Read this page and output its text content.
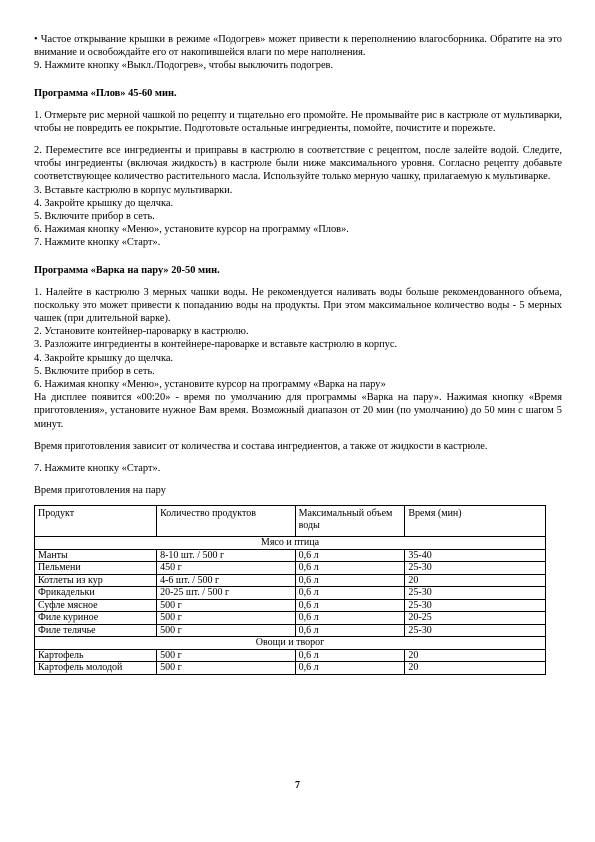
• Частое открывание крышки в режиме «Подогрев» может привести к переполнению влагосборника. Обратите на это внимание и освобождайте его от накопившейся влаги по мере наполнения.

9. Нажмите кнопку «Выкл./Подогрев», чтобы выключить подогрев.

Программа «Плов» 45-60 мин.

1. Отмерьте рис мерной чашкой по рецепту и тщательно его промойте. Не промывайте рис в кастрюле от мультиварки, чтобы не повредить ее покрытие. Подготовьте остальные ингредиенты, помойте, почистите и порежьте.

2. Переместите все ингредиенты и приправы в кастрюлю в соответствие с рецептом, после залейте водой. Следите, чтобы ингредиенты (включая жидкость) в кастрюле были ниже максимального уровня. Согласно рецепту добавьте соответствующее количество растительного масла. Используйте только мерную чашку, прилагаемую к мультиварке.

3. Вставьте кастрюлю в корпус мультиварки.

4. Закройте крышку до щелчка.

5. Включите прибор в сеть.

6. Нажимая кнопку «Меню», установите курсор на программу «Плов».

7. Нажмите кнопку «Старт».

Программа «Варка на пару» 20-50 мин.

1. Налейте в кастрюлю 3 мерных чашки воды. Не рекомендуется наливать воды больше рекомендованного объема, поскольку это может привести к попаданию воды на продукты. При этом максимальное количество воды - 5 мерных чашек (при длительной варке).

2. Установите контейнер-пароварку в кастрюлю.

3. Разложите ингредиенты в контейнере-пароварке и вставьте кастрюлю в корпус.

4. Закройте крышку до щелчка.

5. Включите прибор в сеть.

6. Нажимая кнопку «Меню», установите курсор на программу «Варка на пару»

На дисплее появится «00:20» - время по умолчанию для программы «Варка на пару». Нажимая кнопку «Время приготовления», установите нужное Вам время. Возможный диапазон от 20 мин (по умолчанию) до 50 мин с шагом 5 минут.

Время приготовления зависит от количества и состава ингредиентов, а также от жидкости в кастрюле.

7. Нажмите кнопку «Старт».

Время приготовления на пару

Продукт	Количество продуктов	Максимальный объем воды	Время (мин)
Мясо и птица			
Манты	8-10 шт. / 500 г	0,6 л	35-40
Пельмени	450 г	0,6 л	25-30
Котлеты из кур	4-6 шт. / 500 г	0,6 л	20
Фрикадельки	20-25 шт. / 500 г	0,6 л	25-30
Суфле мясное	500 г	0,6 л	25-30
Филе куриное	500 г	0,6 л	20-25
Филе телячье	500 г	0,6 л	25-30
Овощи и творог			
Картофель	500 г	0,6 л	20
Картофель молодой	500 г	0,6 л	20
7
